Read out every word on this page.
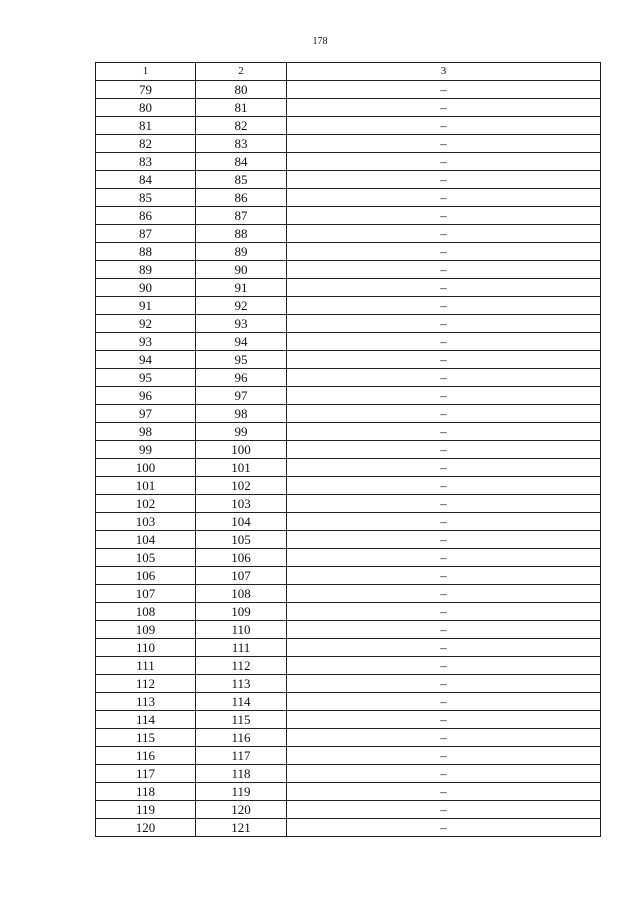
178
1	2	3
79	80	–
80	81	–
81	82	–
82	83	–
83	84	–
84	85	–
85	86	–
86	87	–
87	88	–
88	89	–
89	90	–
90	91	–
91	92	–
92	93	–
93	94	–
94	95	–
95	96	–
96	97	–
97	98	–
98	99	–
99	100	–
100	101	–
101	102	–
102	103	–
103	104	–
104	105	–
105	106	–
106	107	–
107	108	–
108	109	–
109	110	–
110	111	–
111	112	–
112	113	–
113	114	–
114	115	–
115	116	–
116	117	–
117	118	–
118	119	–
119	120	–
120	121	–
